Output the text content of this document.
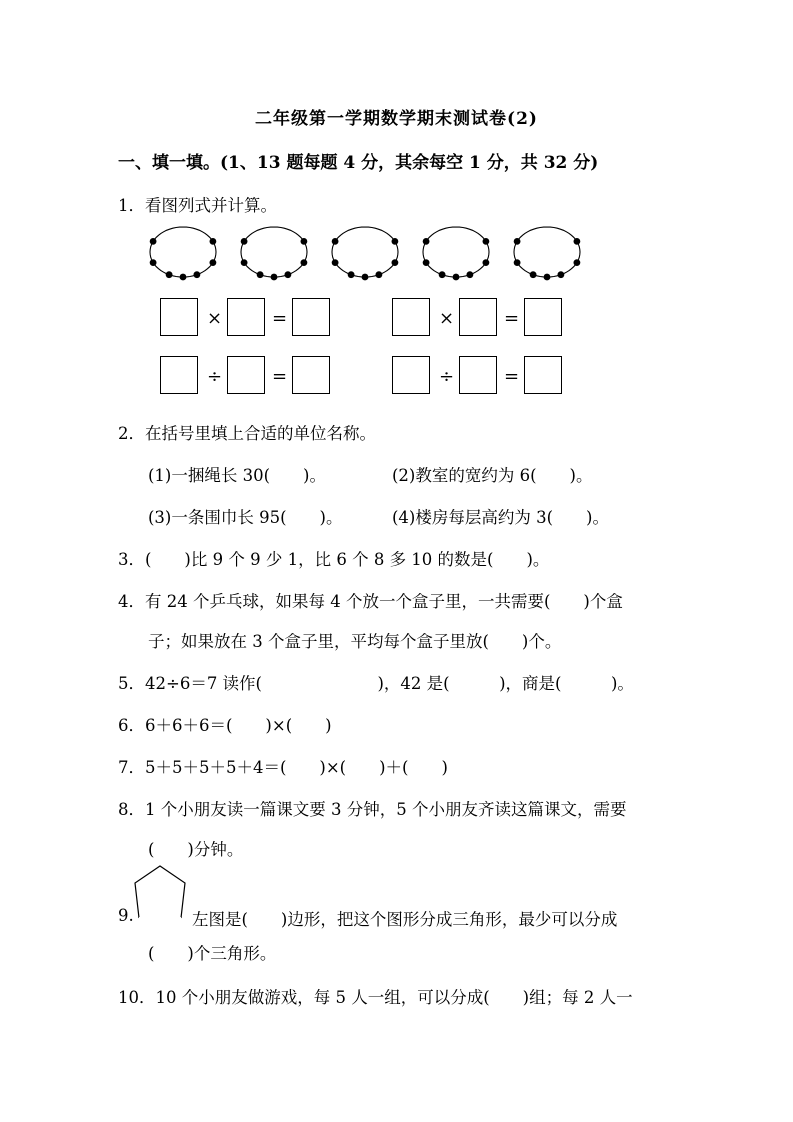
二年级第一学期数学期末测试卷(2)
一、填一填。(1、13 题每题 4 分，其余每空 1 分，共 32 分)
1．看图列式并计算。
×	=	×	=
÷	=	÷	=
2．在括号里填上合适的单位名称。
(1)一捆绳长 30(　　)。	(2)教室的宽约为 6(　　)。
(3)一条围巾长 95(　　)。	(4)楼房每层高约为 3(　　)。
3．(　　)比 9 个 9 少 1，比 6 个 8 多 10 的数是(　　)。
4．有 24 个乒乓球，如果每 4 个放一个盒子里，一共需要(　　)个盒
子；如果放在 3 个盒子里，平均每个盒子里放(　　)个。
5．42÷6＝7 读作(　　　　　　　)，42 是(　　　)，商是(　　　)。
6．6＋6＋6＝(　　)×(　　)
7．5＋5＋5＋5＋4＝(　　)×(　　)＋(　　)
8．1 个小朋友读一篇课文要 3 分钟，5 个小朋友齐读这篇课文，需要
(　　)分钟。
9.	左图是(　　)边形，把这个图形分成三角形，最少可以分成
(　　)个三角形。
10．10 个小朋友做游戏，每 5 人一组，可以分成(　　)组；每 2 人一
